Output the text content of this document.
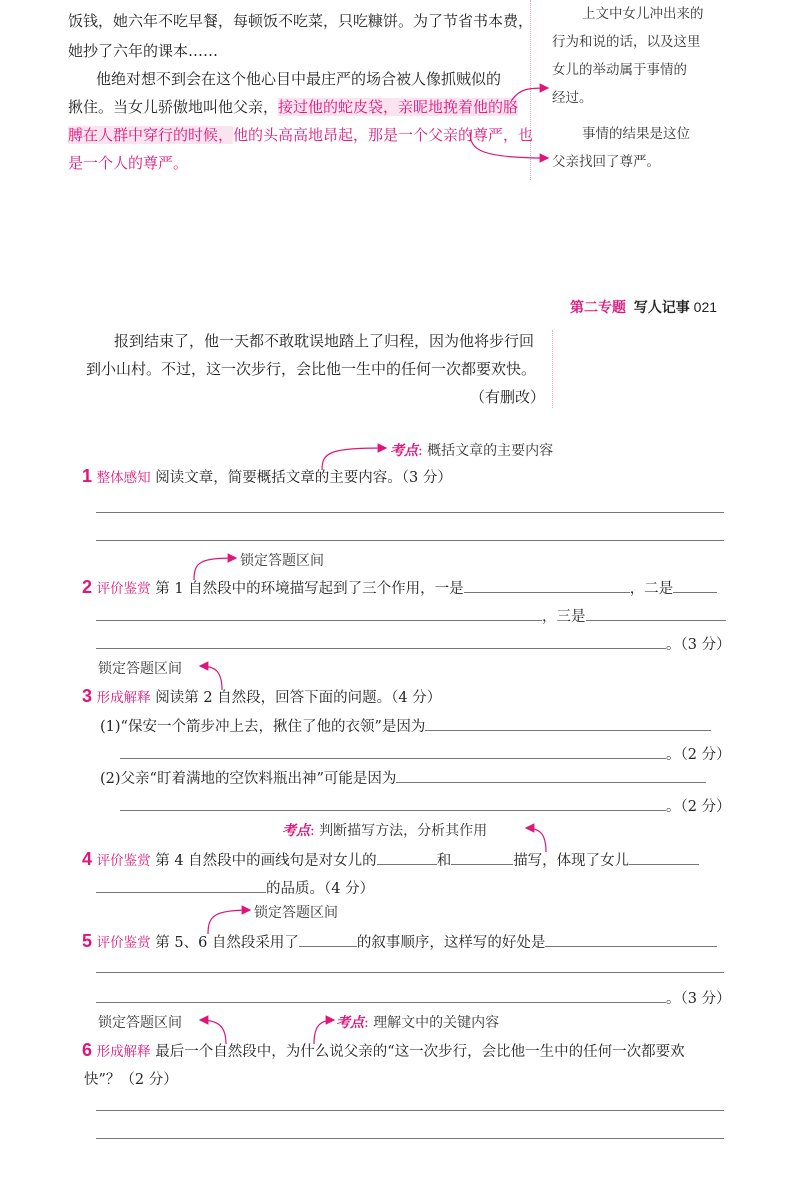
饭钱，她六年不吃早餐，每顿饭不吃菜，只吃糠饼。为了节省书本费，
她抄了六年的课本……
他绝对想不到会在这个他心目中最庄严的场合被人像抓贼似的
揪住。当女儿骄傲地叫他父亲，接过他的蛇皮袋，亲昵地挽着他的胳
膊在人群中穿行的时候，他的头高高地昂起，那是一个父亲的尊严，也
是一个人的尊严。
上文中女儿冲出来的
行为和说的话，以及这里
女儿的举动属于事情的
经过。
事情的结果是这位
父亲找回了尊严。
第二专题 写人记事 021
报到结束了，他一天都不敢耽误地踏上了归程，因为他将步行回
到小山村。不过，这一次步行，会比他一生中的任何一次都要欢快。
（有删改）
考点: 概括文章的主要内容
1 整体感知 阅读文章，简要概括文章的主要内容。（3 分）
锁定答题区间
2 评价鉴赏 第 1 自然段中的环境描写起到了三个作用，一是	，二是
，三是
。（3 分）
锁定答题区间
3 形成解释 阅读第 2 自然段，回答下面的问题。（4 分）
(1)“保安一个箭步冲上去，揪住了他的衣领”是因为
。（2 分）
(2)父亲“盯着满地的空饮料瓶出神”可能是因为
。（2 分）
考点: 判断描写方法，分析其作用
4 评价鉴赏 第 4 自然段中的画线句是对女儿的	和	描写，体现了女儿
的品质。（4 分）
锁定答题区间
5 评价鉴赏 第 5、6 自然段采用了	的叙事顺序，这样写的好处是
。（3 分）
锁定答题区间	考点: 理解文中的关键内容
6 形成解释 最后一个自然段中，为什么说父亲的“这一次步行，会比他一生中的任何一次都要欢
快”？（2 分）
